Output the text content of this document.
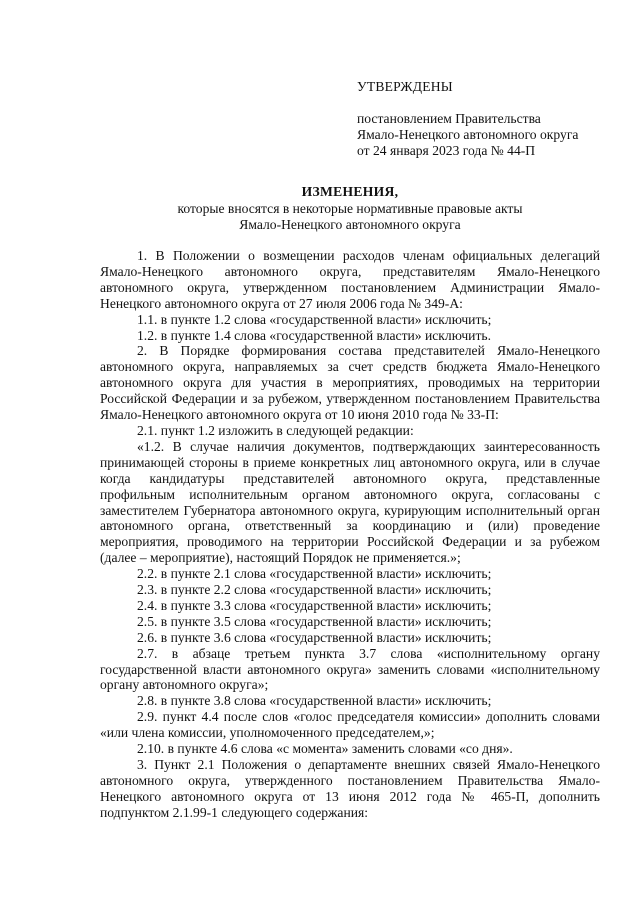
УТВЕРЖДЕНЫ
постановлением Правительства
Ямало-Ненецкого автономного округа
от 24 января 2023 года № 44-П
ИЗМЕНЕНИЯ,
которые вносятся в некоторые нормативные правовые акты
Ямало-Ненецкого автономного округа

1. В Положении о возмещении расходов членам официальных делегаций Ямало-Ненецкого автономного округа, представителям Ямало-Ненецкого автономного округа, утвержденном постановлением Администрации Ямало-Ненецкого автономного округа от 27 июля 2006 года № 349-А:

1.1. в пункте 1.2 слова «государственной власти» исключить;

1.2. в пункте 1.4 слова «государственной власти» исключить.

2. В Порядке формирования состава представителей Ямало-Ненецкого автономного округа, направляемых за счет средств бюджета Ямало-Ненецкого автономного округа для участия в мероприятиях, проводимых на территории Российской Федерации и за рубежом, утвержденном постановлением Правительства Ямало-Ненецкого автономного округа от 10 июня 2010 года № 33-П:

2.1. пункт 1.2 изложить в следующей редакции:

«1.2. В случае наличия документов, подтверждающих заинтересованность принимающей стороны в приеме конкретных лиц автономного округа, или в случае когда кандидатуры представителей автономного округа, представленные профильным исполнительным органом автономного округа, согласованы с заместителем Губернатора автономного округа, курирующим исполнительный орган автономного органа, ответственный за координацию и (или) проведение мероприятия, проводимого на территории Российской Федерации и за рубежом (далее – мероприятие), настоящий Порядок не применяется.»;

2.2. в пункте 2.1 слова «государственной власти» исключить;

2.3. в пункте 2.2 слова «государственной власти» исключить;

2.4. в пункте 3.3 слова «государственной власти» исключить;

2.5. в пункте 3.5 слова «государственной власти» исключить;

2.6. в пункте 3.6 слова «государственной власти» исключить;

2.7. в абзаце третьем пункта 3.7 слова «исполнительному органу государственной власти автономного округа» заменить словами «исполнительному органу автономного округа»;

2.8. в пункте 3.8 слова «государственной власти» исключить;

2.9. пункт 4.4 после слов «голос председателя комиссии» дополнить словами «или члена комиссии, уполномоченного председателем,»;

2.10. в пункте 4.6 слова «с момента» заменить словами «со дня».

3. Пункт 2.1 Положения о департаменте внешних связей Ямало-Ненецкого автономного округа, утвержденного постановлением Правительства Ямало-Ненецкого автономного округа от 13 июня 2012 года № 465-П, дополнить подпунктом 2.1.99-1 следующего содержания:
